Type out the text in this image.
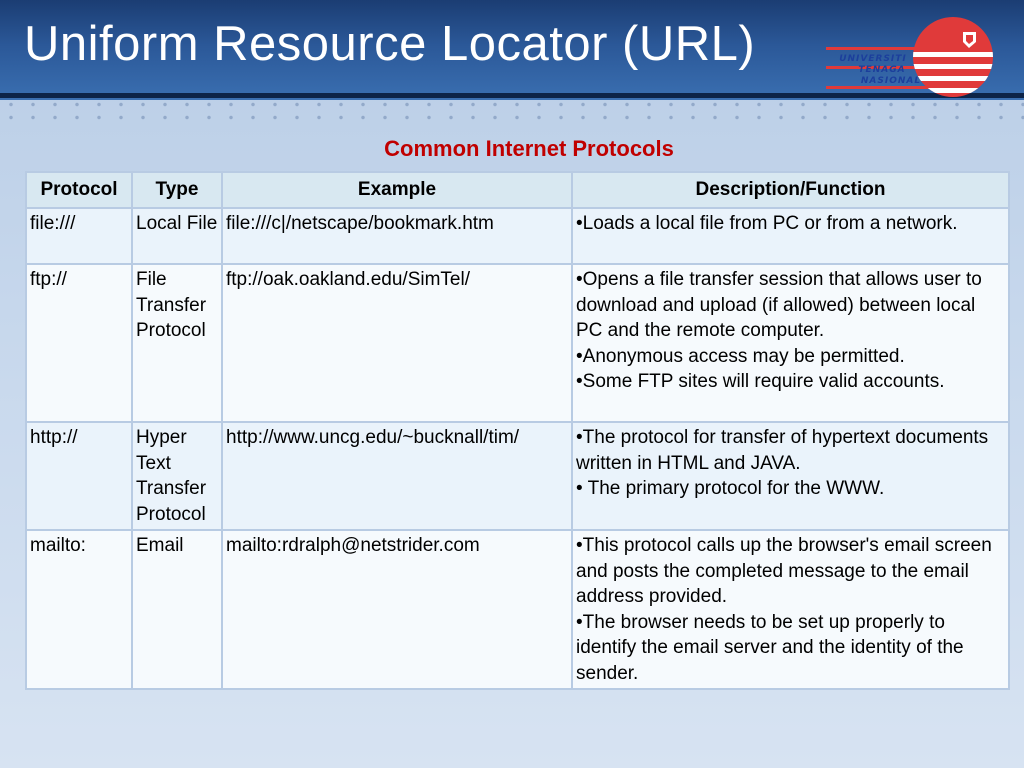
Uniform Resource Locator (URL)	UNIVERSITI
TENAGA
NASIONAL
Common Internet Protocols
Protocol	Type	Example	Description/Function
file:///	Local File	file:///c|/netscape/bookmark.htm	•Loads a local file from PC or from a network.

ftp://	File Transfer Protocol	ftp://oak.oakland.edu/SimTel/	•Opens a file transfer session that allows user to download and upload (if allowed) between local PC and the remote computer.
•Anonymous access may be permitted.
•Some FTP sites will require valid accounts.

http://	Hyper Text Transfer Protocol	http://www.uncg.edu/~bucknall/tim/	•The protocol for transfer of hypertext documents written in HTML and JAVA.
• The primary protocol for the WWW.

mailto:	Email	mailto:rdralph@netstrider.com	•This protocol calls up the browser's email screen and posts the completed message to the email address provided.
•The browser needs to be set up properly to identify the email server and the identity of the sender.
